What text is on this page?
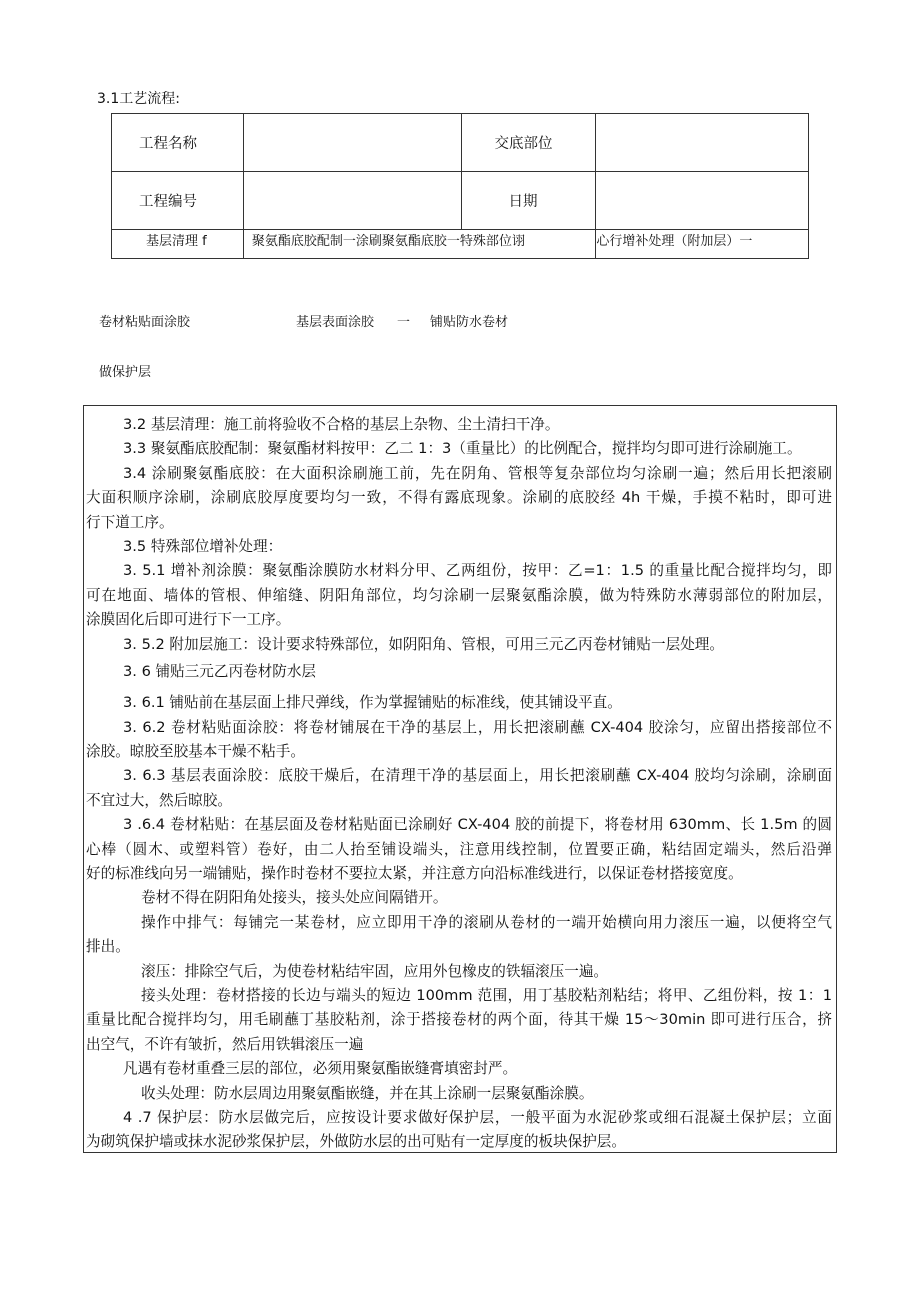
3.1工艺流程:
工程名称		交底部位	
工程编号		日期	
基层清理 f	聚氨酯底胶配制一涂刷聚氨酯底胶一特殊部位诩		心行增补处理（附加层）一
卷材粘贴面涂胶	基层表面涂胶 一 铺贴防水卷材
做保护层
3.2 基层清理：施工前将验收不合格的基层上杂物、尘土清扫干净。
3.3 聚氨酯底胶配制：聚氨酯材料按甲：乙二 1：3（重量比）的比例配合，搅拌均匀即可进行涂刷施工。
3.4 涂刷聚氨酯底胶：在大面积涂刷施工前，先在阴角、管根等复杂部位均匀涂刷一遍；然后用长把滚刷
大面积顺序涂刷，涂刷底胶厚度要均匀一致，不得有露底现象。涂刷的底胶经 4h 干燥，手摸不粘时，即可进
行下道工序。
3.5 特殊部位增补处理：
3. 5.1 增补剂涂膜：聚氨酯涂膜防水材料分甲、乙两组份，按甲：乙=1：1.5 的重量比配合搅拌均匀，即
可在地面、墙体的管根、伸缩缝、阴阳角部位，均匀涂刷一层聚氨酯涂膜，做为特殊防水薄弱部位的附加层，
涂膜固化后即可进行下一工序。
3. 5.2 附加层施工：设计要求特殊部位，如阴阳角、管根，可用三元乙丙卷材铺贴一层处理。
3. 6 铺贴三元乙丙卷材防水层
3. 6.1 铺贴前在基层面上排尺弹线，作为掌握铺贴的标准线，使其铺设平直。
3. 6.2 卷材粘贴面涂胶：将卷材铺展在干净的基层上，用长把滚刷蘸 CX-404 胶涂匀，应留出搭接部位不
涂胶。晾胶至胶基本干燥不粘手。
3. 6.3 基层表面涂胶：底胶干燥后，在清理干净的基层面上，用长把滚刷蘸 CX-404 胶均匀涂刷，涂刷面
不宜过大，然后晾胶。
3 .6.4 卷材粘贴：在基层面及卷材粘贴面已涂刷好 CX-404 胶的前提下，将卷材用 630mm、长 1.5m 的圆
心棒（圆木、或塑料管）卷好，由二人抬至铺设端头，注意用线控制，位置要正确，粘结固定端头，然后沿弹
好的标准线向另一端铺贴，操作时卷材不要拉太紧，并注意方向沿标准线进行，以保证卷材搭接宽度。
卷材不得在阴阳角处接头，接头处应间隔错开。
操作中排气：每铺完一某卷材，应立即用干净的滚刷从卷材的一端开始横向用力滚压一遍，以便将空气
排出。
滚压：排除空气后，为使卷材粘结牢固，应用外包橡皮的铁辐滚压一遍。
接头处理：卷材搭接的长边与端头的短边 100mm 范围，用丁基胶粘剂粘结；将甲、乙组份料，按 1：1
重量比配合搅拌均匀，用毛刷蘸丁基胶粘剂，涂于搭接卷材的两个面，待其干燥 15～30min 即可进行压合，挤
出空气，不许有皱折，然后用铁辑滚压一遍
凡遇有卷材重叠三层的部位，必须用聚氨酯嵌缝膏填密封严。
收头处理：防水层周边用聚氨酯嵌缝，并在其上涂刷一层聚氨酯涂膜。
4 .7 保护层：防水层做完后，应按设计要求做好保护层，一般平面为水泥砂浆或细石混凝土保护层；立面
为砌筑保护墙或抹水泥砂浆保护层，外做防水层的出可贴有一定厚度的板块保护层。
